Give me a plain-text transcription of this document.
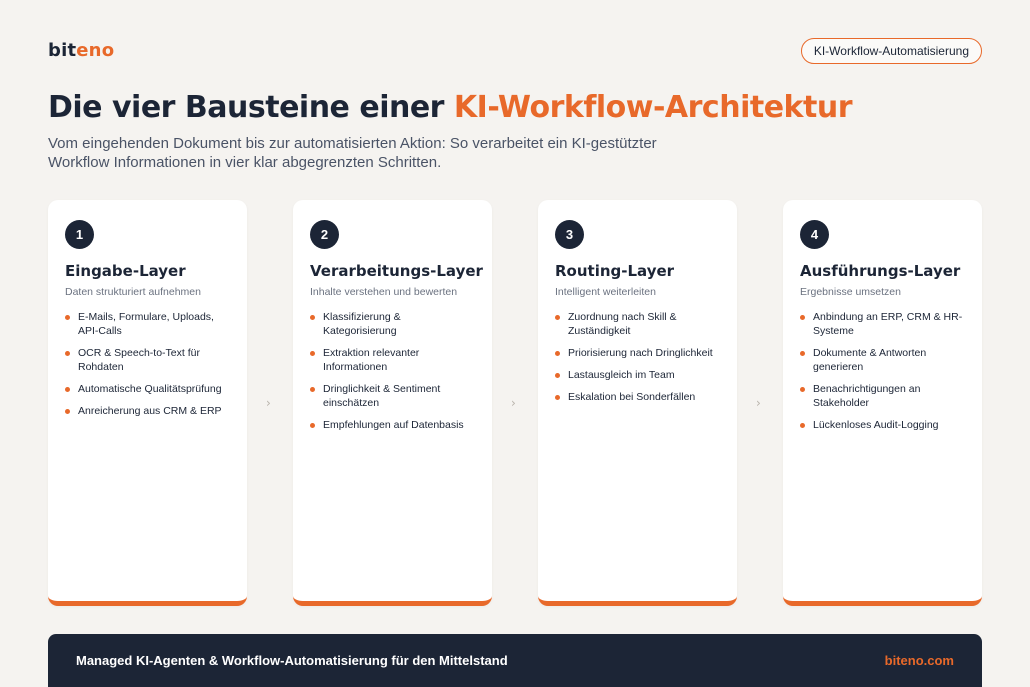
biteno	KI-Workflow-Automatisierung
Die vier Bausteine einer KI-Workflow-Architektur
Vom eingehenden Dokument bis zur automatisierten Aktion: So verarbeitet ein KI-gestützter Workflow Informationen in vier klar abgegrenzten Schritten.
1
Eingabe-Layer
Daten strukturiert aufnehmen
E-Mails, Formulare, Uploads, API-Calls
OCR & Speech-to-Text für Rohdaten
Automatische Qualitätsprüfung
Anreicherung aus CRM & ERP
›
2
Verarbeitungs-Layer
Inhalte verstehen und bewerten
Klassifizierung & Kategorisierung
Extraktion relevanter Informationen
Dringlichkeit & Sentiment einschätzen
Empfehlungen auf Datenbasis
›
3
Routing-Layer
Intelligent weiterleiten
Zuordnung nach Skill & Zuständigkeit
Priorisierung nach Dringlichkeit
Lastausgleich im Team
Eskalation bei Sonderfällen	›
4
Ausführungs-Layer
Ergebnisse umsetzen
Anbindung an ERP, CRM & HR-Systeme
Dokumente & Antworten generieren
Benachrichtigungen an Stakeholder
Lückenloses Audit-Logging
Managed KI-Agenten & Workflow-Automatisierung für den Mittelstand	biteno.com
